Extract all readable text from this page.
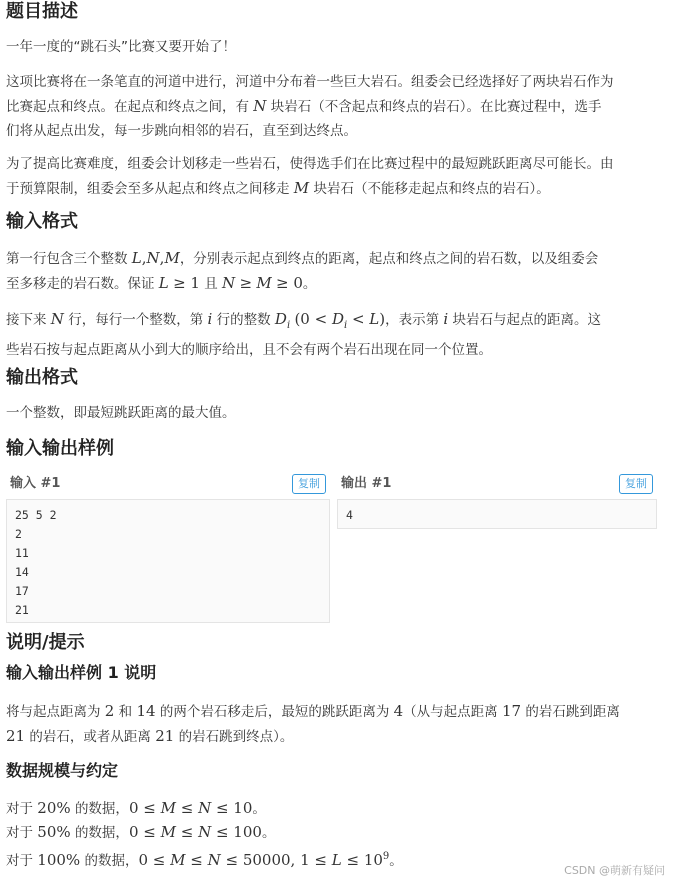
题目描述

一年一度的“跳石头”比赛又要开始了！

这项比赛将在一条笔直的河道中进行，河道中分布着一些巨大岩石。组委会已经选择好了两块岩石作为
比赛起点和终点。在起点和终点之间，有 N 块岩石（不含起点和终点的岩石）。在比赛过程中，选手
们将从起点出发，每一步跳向相邻的岩石，直至到达终点。

为了提高比赛难度，组委会计划移走一些岩石，使得选手们在比赛过程中的最短跳跃距离尽可能长。由
于预算限制，组委会至多从起点和终点之间移走 M 块岩石（不能移走起点和终点的岩石）。

输入格式

第一行包含三个整数 L,N,M，分别表示起点到终点的距离，起点和终点之间的岩石数，以及组委会
至多移走的岩石数。保证 L ≥ 1 且 N ≥ M ≥ 0。

接下来 N 行，每行一个整数，第 i 行的整数 $D_i$ $(0 < D_i < L)$，表示第 i 块岩石与起点的距离。这
些岩石按与起点距离从小到大的顺序给出，且不会有两个岩石出现在同一个位置。

输出格式

一个整数，即最短跳跃距离的最大值。

输入输出样例
输入 #1	复制
25 5 2
2
11
14
17
21
输出 #1	复制
4
说明/提示
输入输出样例 1 说明

将与起点距离为 2 和 14 的两个岩石移走后，最短的跳跃距离为 4（从与起点距离 17 的岩石跳到距离
21 的岩石，或者从距离 21 的岩石跳到终点）。

数据规模与约定

对于 20% 的数据，0 ≤ M ≤ N ≤ 10。
对于 50% 的数据，0 ≤ M ≤ N ≤ 100。
对于 100% 的数据，0 ≤ M ≤ N ≤ 50000, $1 \le L \le 10^9$。

CSDN @萌新有疑问
